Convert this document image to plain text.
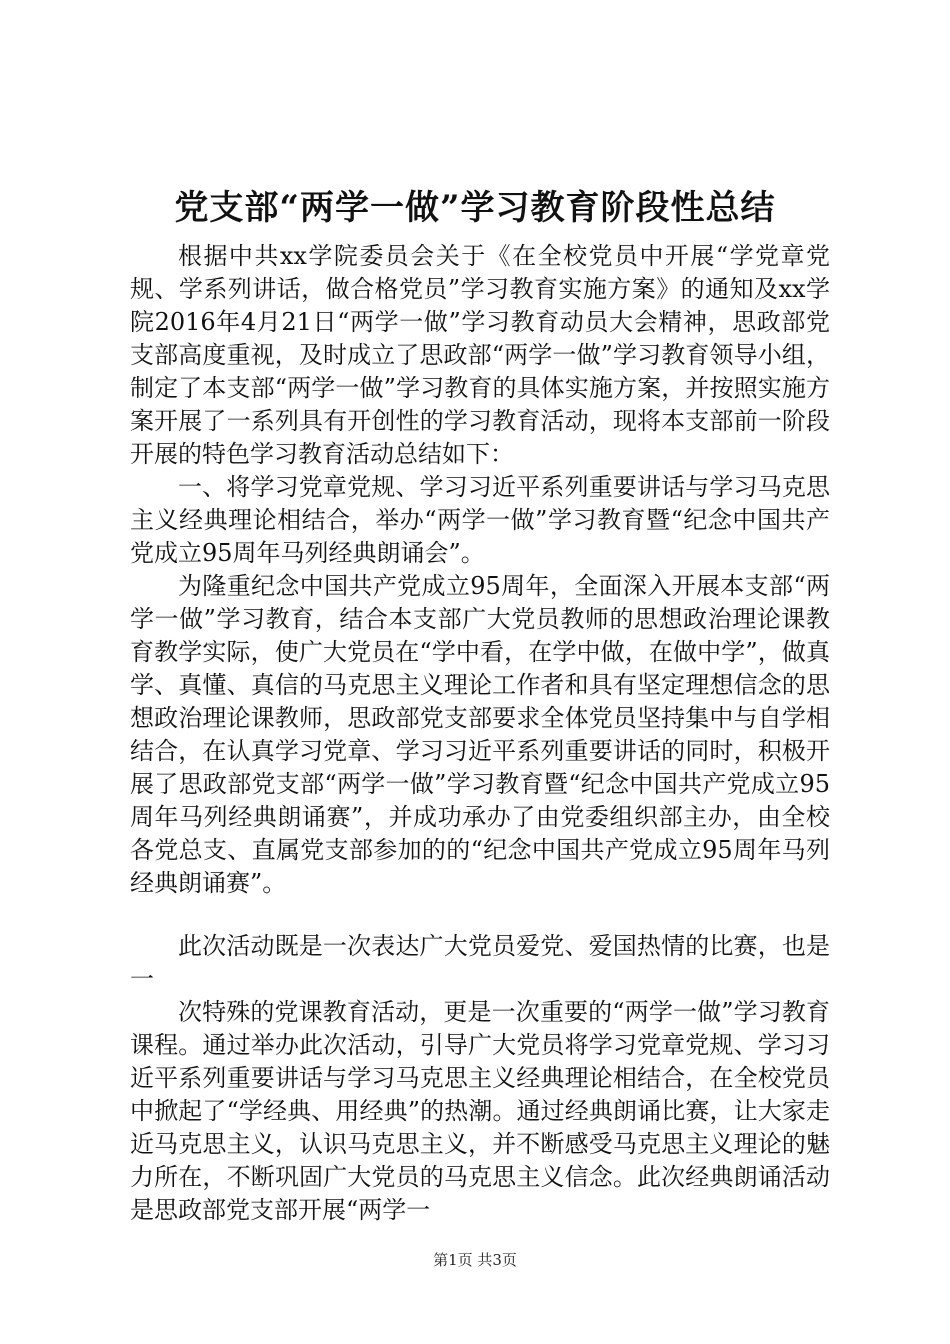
党支部“两学一做”学习教育阶段性总结

根据中共xx学院委员会关于《在全校党员中开展“学党章党规、学系列讲话，做合格党员”学习教育实施方案》的通知及xx学院2016年4月21日“两学一做”学习教育动员大会精神，思政部党支部高度重视，及时成立了思政部“两学一做”学习教育领导小组，制定了本支部“两学一做”学习教育的具体实施方案，并按照实施方案开展了一系列具有开创性的学习教育活动，现将本支部前一阶段开展的特色学习教育活动总结如下：

一、将学习党章党规、学习习近平系列重要讲话与学习马克思主义经典理论相结合，举办“两学一做”学习教育暨“纪念中国共产党成立95周年马列经典朗诵会”。

为隆重纪念中国共产党成立95周年，全面深入开展本支部“两学一做”学习教育，结合本支部广大党员教师的思想政治理论课教育教学实际，使广大党员在“学中看，在学中做，在做中学”，做真学、真懂、真信的马克思主义理论工作者和具有坚定理想信念的思想政治理论课教师，思政部党支部要求全体党员坚持集中与自学相结合，在认真学习党章、学习习近平系列重要讲话的同时，积极开展了思政部党支部“两学一做”学习教育暨“纪念中国共产党成立95周年马列经典朗诵赛”，并成功承办了由党委组织部主办，由全校各党总支、直属党支部参加的的“纪念中国共产党成立95周年马列经典朗诵赛”。

此次活动既是一次表达广大党员爱党、爱国热情的比赛，也是一

次特殊的党课教育活动，更是一次重要的“两学一做”学习教育课程。通过举办此次活动，引导广大党员将学习党章党规、学习习近平系列重要讲话与学习马克思主义经典理论相结合，在全校党员中掀起了“学经典、用经典”的热潮。通过经典朗诵比赛，让大家走近马克思主义，认识马克思主义，并不断感受马克思主义理论的魅力所在，不断巩固广大党员的马克思主义信念。此次经典朗诵活动是思政部党支部开展“两学一

第1页 共3页
